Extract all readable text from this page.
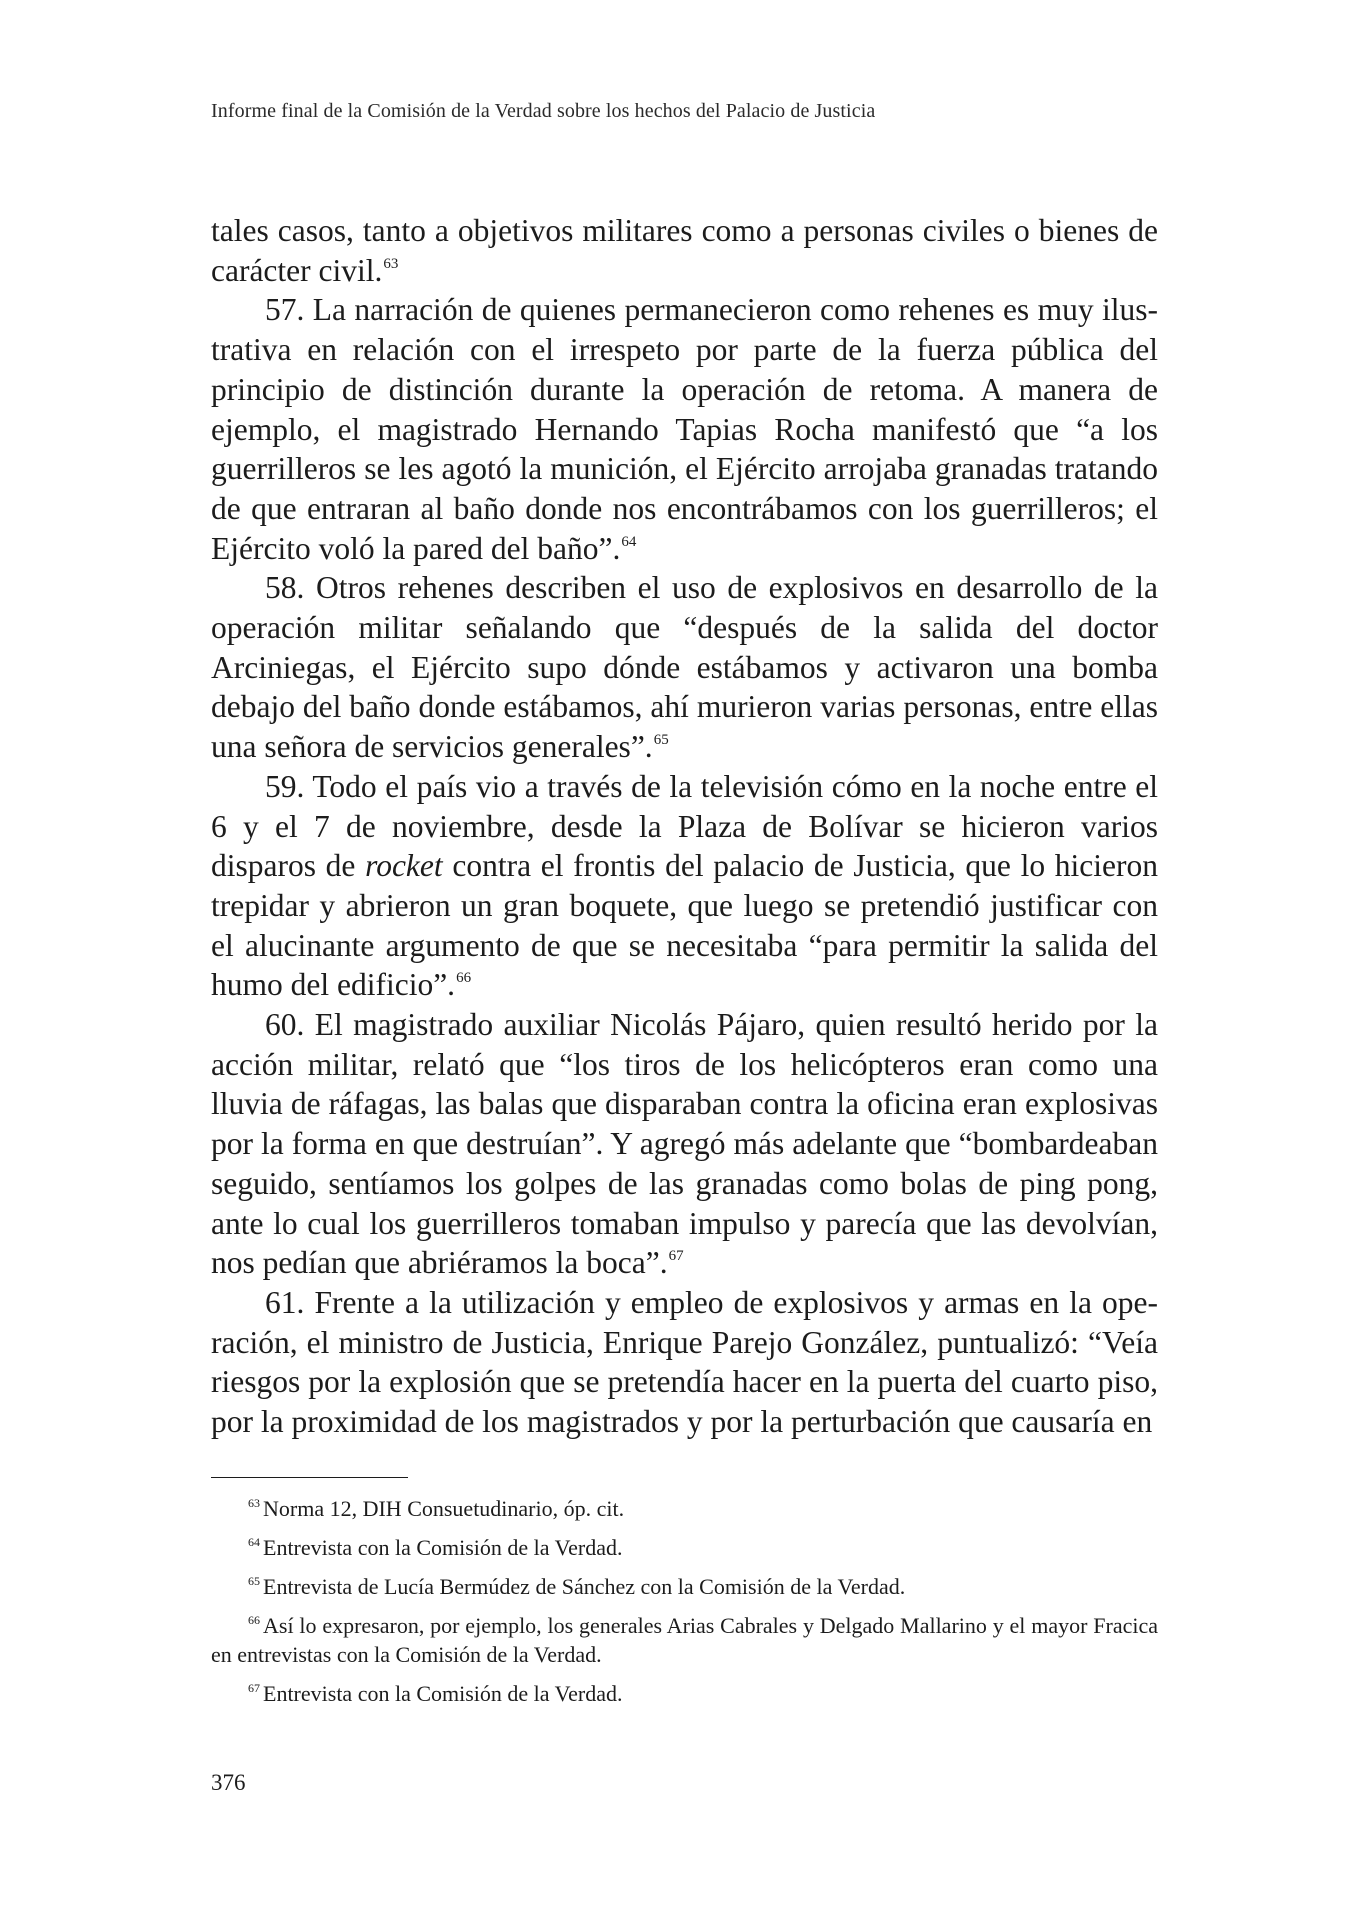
Informe final de la Comisión de la Verdad sobre los hechos del Palacio de Justicia

tales casos, tanto a objetivos militares como a personas civiles o bienes de carácter civil.$^{63}$

57. La narración de quienes permanecieron como rehenes es muy ilustrativa en relación con el irrespeto por parte de la fuerza pública del principio de distinción durante la operación de retoma. A manera de ejemplo, el magistrado Hernando Tapias Rocha manifestó que “a los guerrilleros se les agotó la munición, el Ejército arrojaba granadas tratando de que entraran al baño donde nos encontrábamos con los guerrilleros; el Ejército voló la pared del baño”.$^{64}$

58. Otros rehenes describen el uso de explosivos en desarrollo de la operación militar señalando que “después de la salida del doctor Arciniegas, el Ejército supo dónde estábamos y activaron una bomba debajo del baño donde estábamos, ahí murieron varias personas, entre ellas una señora de servicios generales”.$^{65}$

59. Todo el país vio a través de la televisión cómo en la noche entre el 6 y el 7 de noviembre, desde la Plaza de Bolívar se hicieron varios disparos de rocket contra el frontis del palacio de Justicia, que lo hicieron trepidar y abrieron un gran boquete, que luego se pretendió justificar con el alucinante argumento de que se necesitaba “para permitir la salida del humo del edificio”.$^{66}$

60. El magistrado auxiliar Nicolás Pájaro, quien resultó herido por la acción militar, relató que “los tiros de los helicópteros eran como una lluvia de ráfagas, las balas que disparaban contra la oficina eran explosivas por la forma en que destruían”. Y agregó más adelante que “bombardeaban seguido, sentíamos los golpes de las granadas como bolas de ping pong, ante lo cual los guerrilleros tomaban impulso y parecía que las devolvían, nos pedían que abriéramos la boca”.$^{67}$

61. Frente a la utilización y empleo de explosivos y armas en la operación, el ministro de Justicia, Enrique Parejo González, puntualizó: “Veía riesgos por la explosión que se pretendía hacer en la puerta del cuarto piso, por la proximidad de los magistrados y por la perturbación que causaría en

$^{63}$ Norma 12, DIH Consuetudinario, óp. cit.

$^{64}$ Entrevista con la Comisión de la Verdad.

$^{65}$ Entrevista de Lucía Bermúdez de Sánchez con la Comisión de la Verdad.

$^{66}$ Así lo expresaron, por ejemplo, los generales Arias Cabrales y Delgado Mallarino y el mayor Fracica en entrevistas con la Comisión de la Verdad.

$^{67}$ Entrevista con la Comisión de la Verdad.

376
